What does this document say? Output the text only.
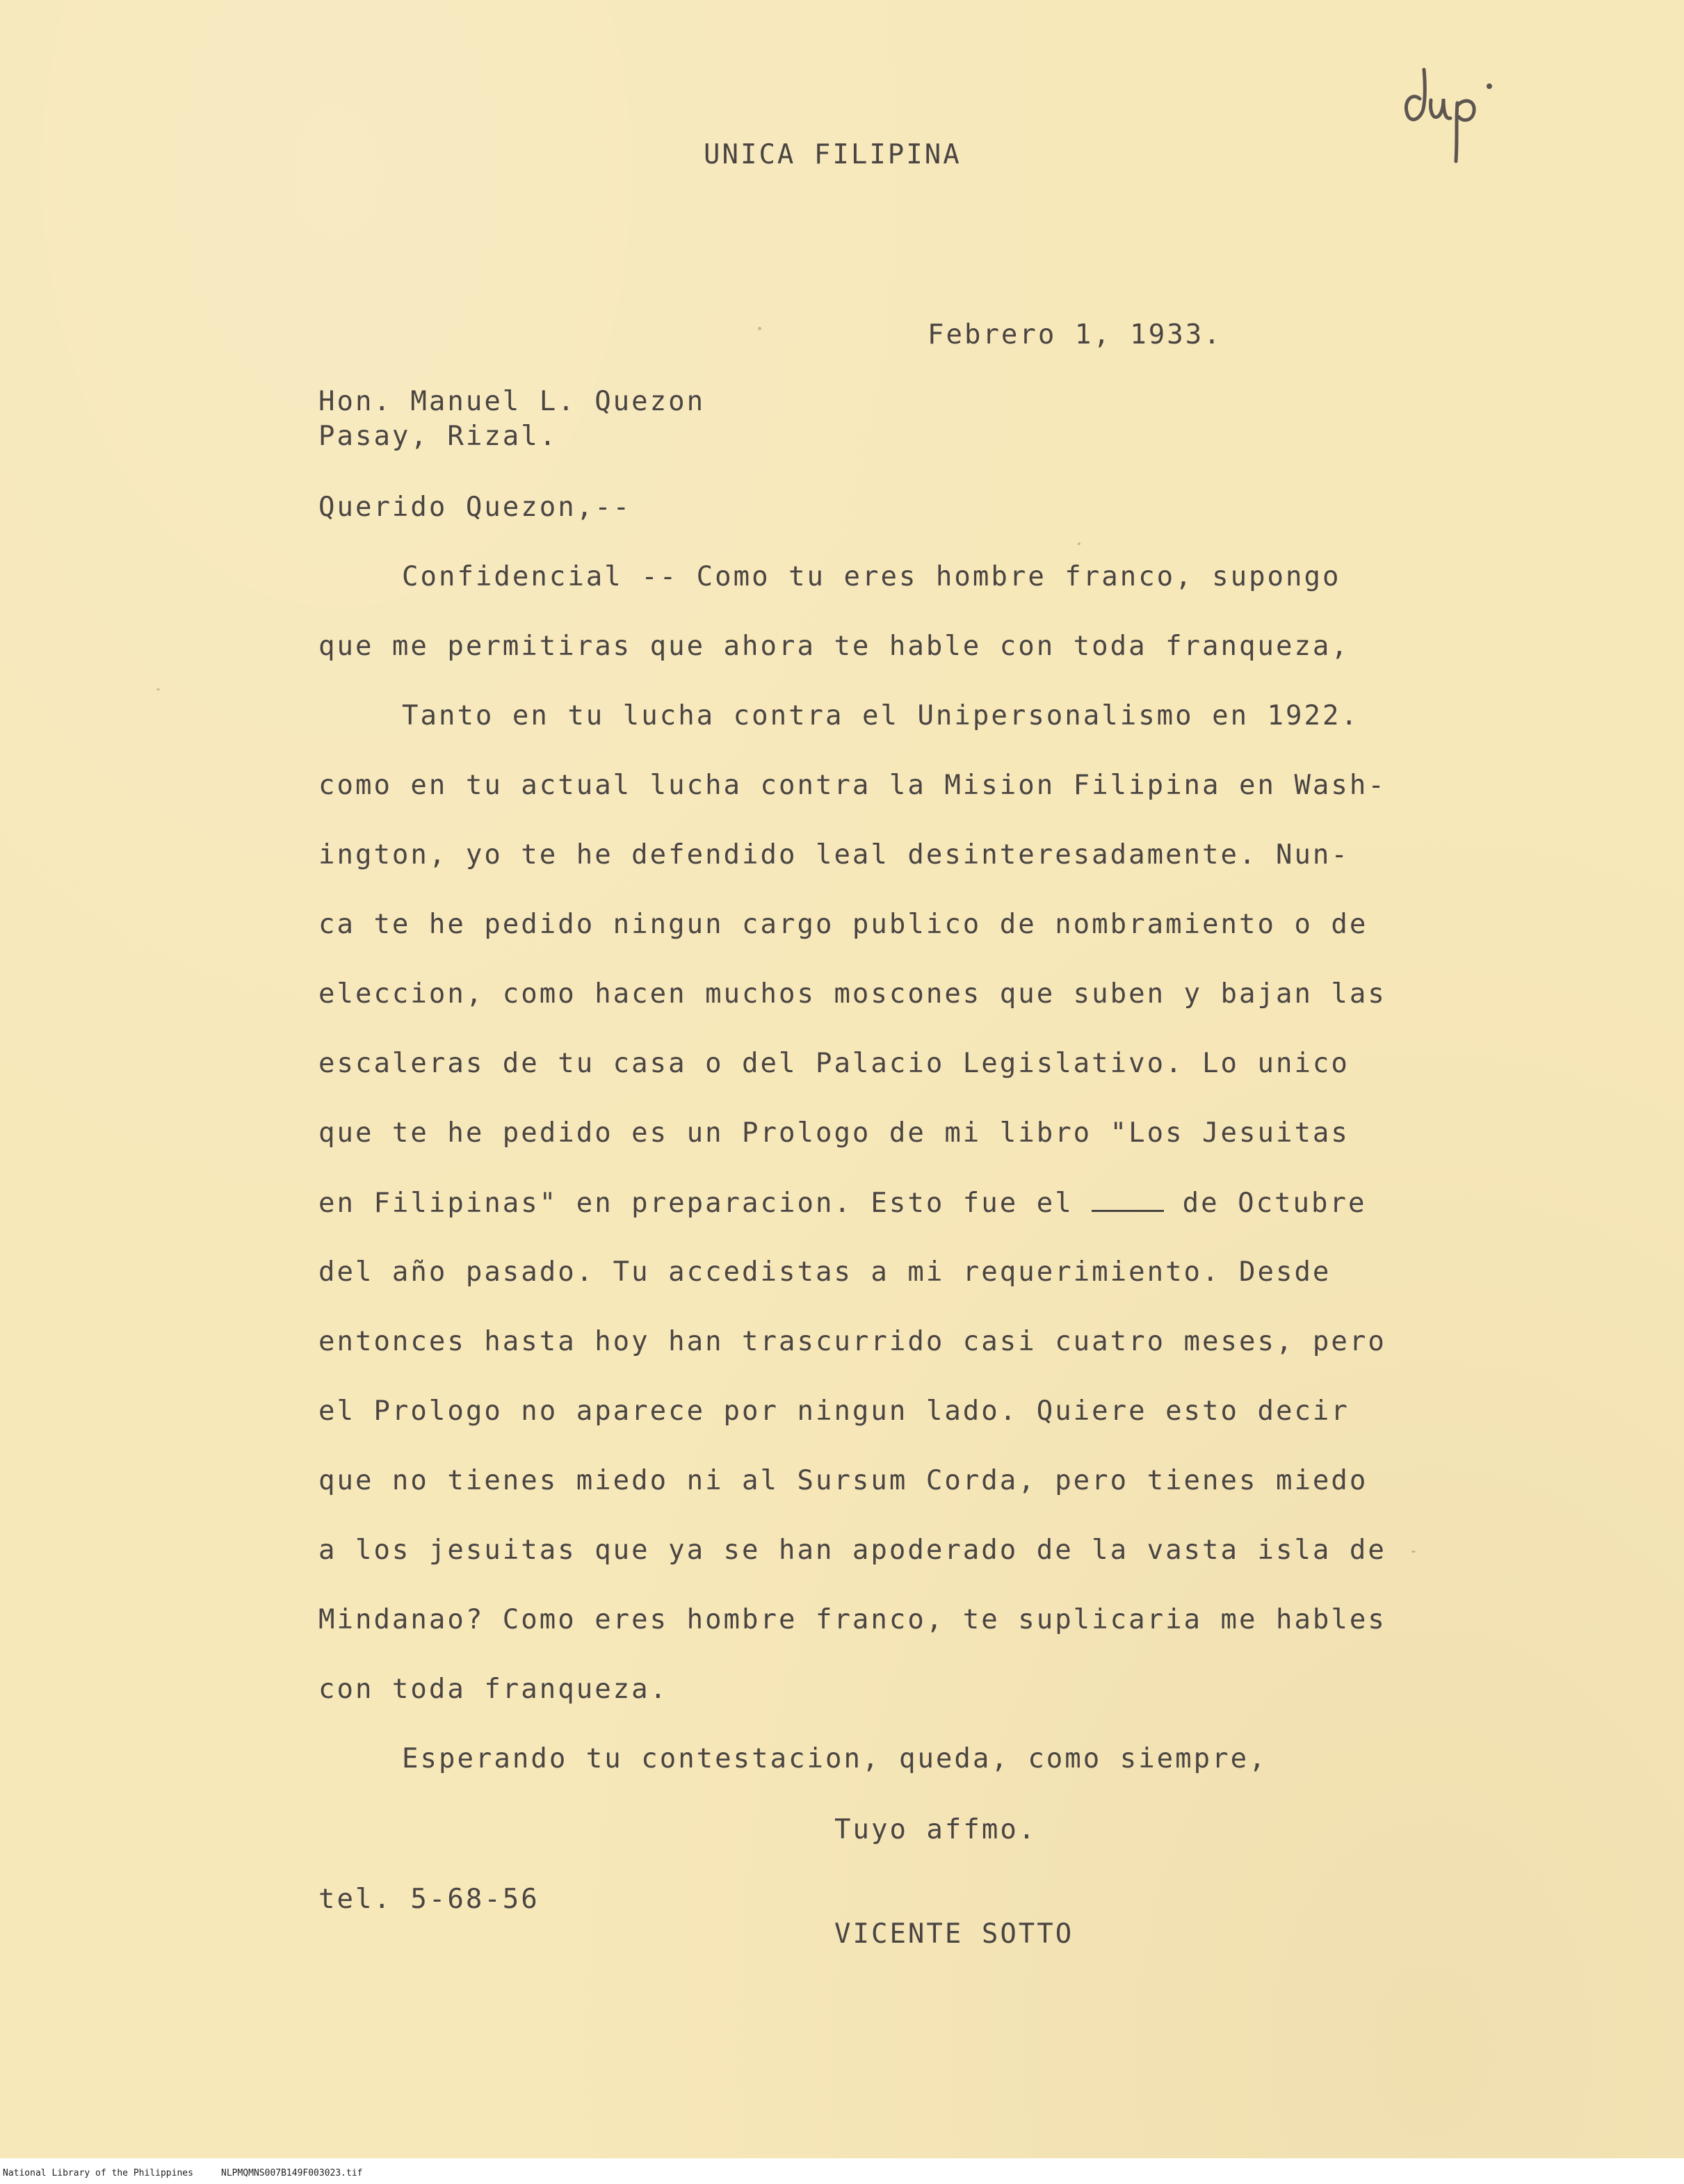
UNICA FILIPINA
Febrero 1, 1933.
Hon. Manuel L. Quezon
Pasay, Rizal.
Querido Quezon,--
Confidencial -- Como tu eres hombre franco, supongo
que me permitiras que ahora te hable con toda franqueza,
Tanto en tu lucha contra el Unipersonalismo en 1922.
como en tu actual lucha contra la Mision Filipina en Wash-
ington, yo te he defendido leal desinteresadamente. Nun-
ca te he pedido ningun cargo publico de nombramiento o de
eleccion, como hacen muchos moscones que suben y bajan las
escaleras de tu casa o del Palacio Legislativo. Lo unico
que te he pedido es un Prologo de mi libro "Los Jesuitas
en Filipinas" en preparacion. Esto fue el	de Octubre
del año pasado. Tu accedistas a mi requerimiento. Desde
entonces hasta hoy han trascurrido casi cuatro meses, pero
el Prologo no aparece por ningun lado. Quiere esto decir
que no tienes miedo ni al Sursum Corda, pero tienes miedo
a los jesuitas que ya se han apoderado de la vasta isla de
Mindanao? Como eres hombre franco, te suplicaria me hables
con toda franqueza.
Esperando tu contestacion, queda, como siempre,
Tuyo affmo.
tel. 5-68-56
VICENTE SOTTO
National Library of the Philippines	NLPMQMNS007B149F003023.tif
